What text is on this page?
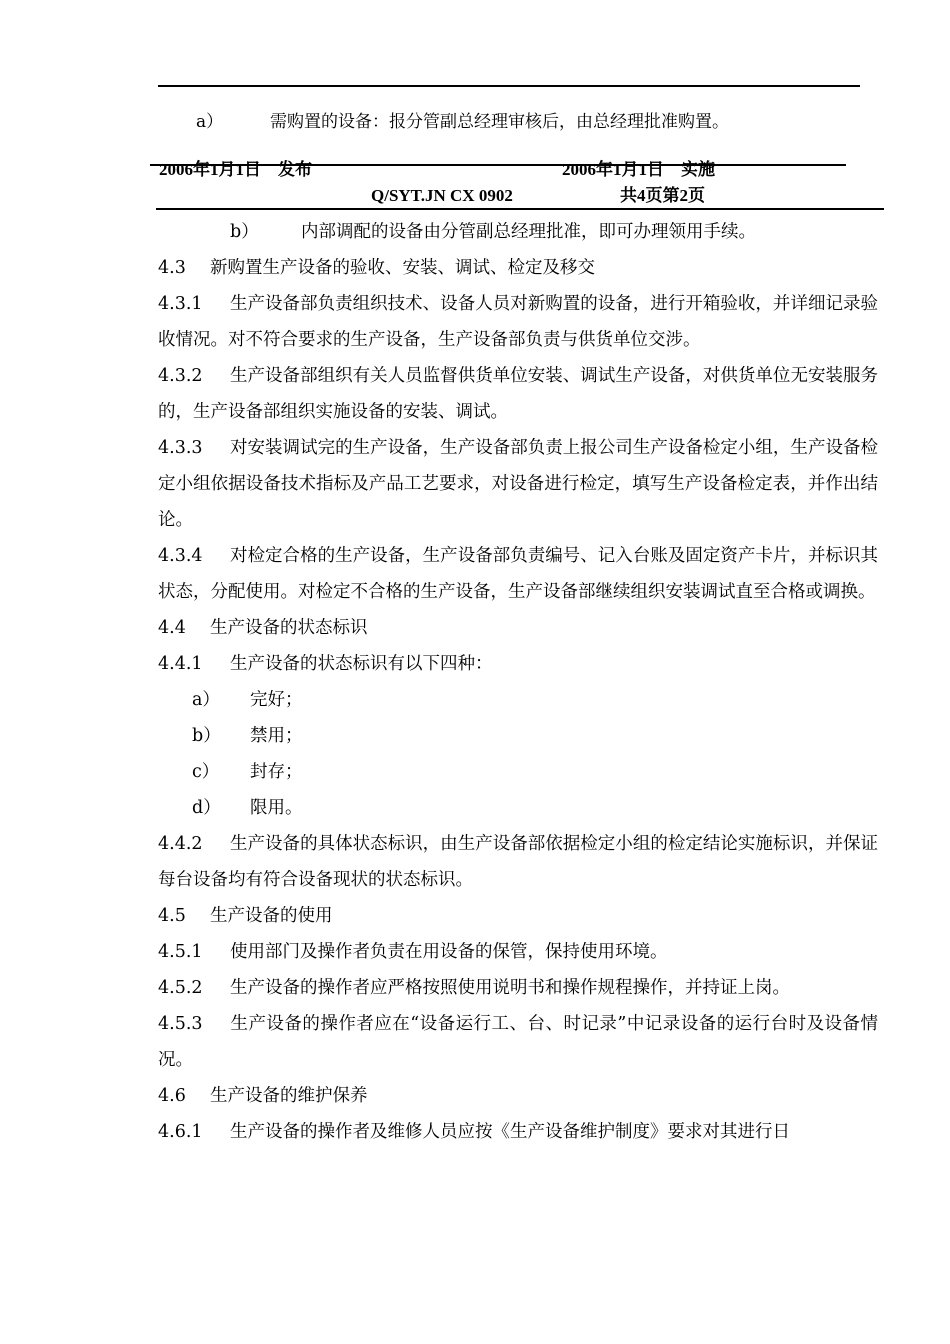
a）	需购置的设备：报分管副总经理审核后，由总经理批准购置。
2006年1月1日　发布	2006年1月1日　实施
Q/SYT.JN CX 0902	共4页第2页

b） 内部调配的设备由分管副总经理批准，即可办理领用手续。

4.3 新购置生产设备的验收、安装、调试、检定及移交

4.3.1 生产设备部负责组织技术、设备人员对新购置的设备，进行开箱验收，并详细记录验收情况。对不符合要求的生产设备，生产设备部负责与供货单位交涉。

4.3.2 生产设备部组织有关人员监督供货单位安装、调试生产设备，对供货单位无安装服务的，生产设备部组织实施设备的安装、调试。

4.3.3 对安装调试完的生产设备，生产设备部负责上报公司生产设备检定小组，生产设备检定小组依据设备技术指标及产品工艺要求，对设备进行检定，填写生产设备检定表，并作出结论。

4.3.4 对检定合格的生产设备，生产设备部负责编号、记入台账及固定资产卡片，并标识其状态，分配使用。对检定不合格的生产设备，生产设备部继续组织安装调试直至合格或调换。

4.4 生产设备的状态标识

4.4.1 生产设备的状态标识有以下四种：

a） 完好；

b） 禁用；

c） 封存；

d） 限用。

4.4.2 生产设备的具体状态标识，由生产设备部依据检定小组的检定结论实施标识，并保证每台设备均有符合设备现状的状态标识。

4.5 生产设备的使用

4.5.1 使用部门及操作者负责在用设备的保管，保持使用环境。

4.5.2 生产设备的操作者应严格按照使用说明书和操作规程操作，并持证上岗。

4.5.3 生产设备的操作者应在“设备运行工、台、时记录”中记录设备的运行台时及设备情况。

4.6 生产设备的维护保养

4.6.1 生产设备的操作者及维修人员应按《生产设备维护制度》要求对其进行日
